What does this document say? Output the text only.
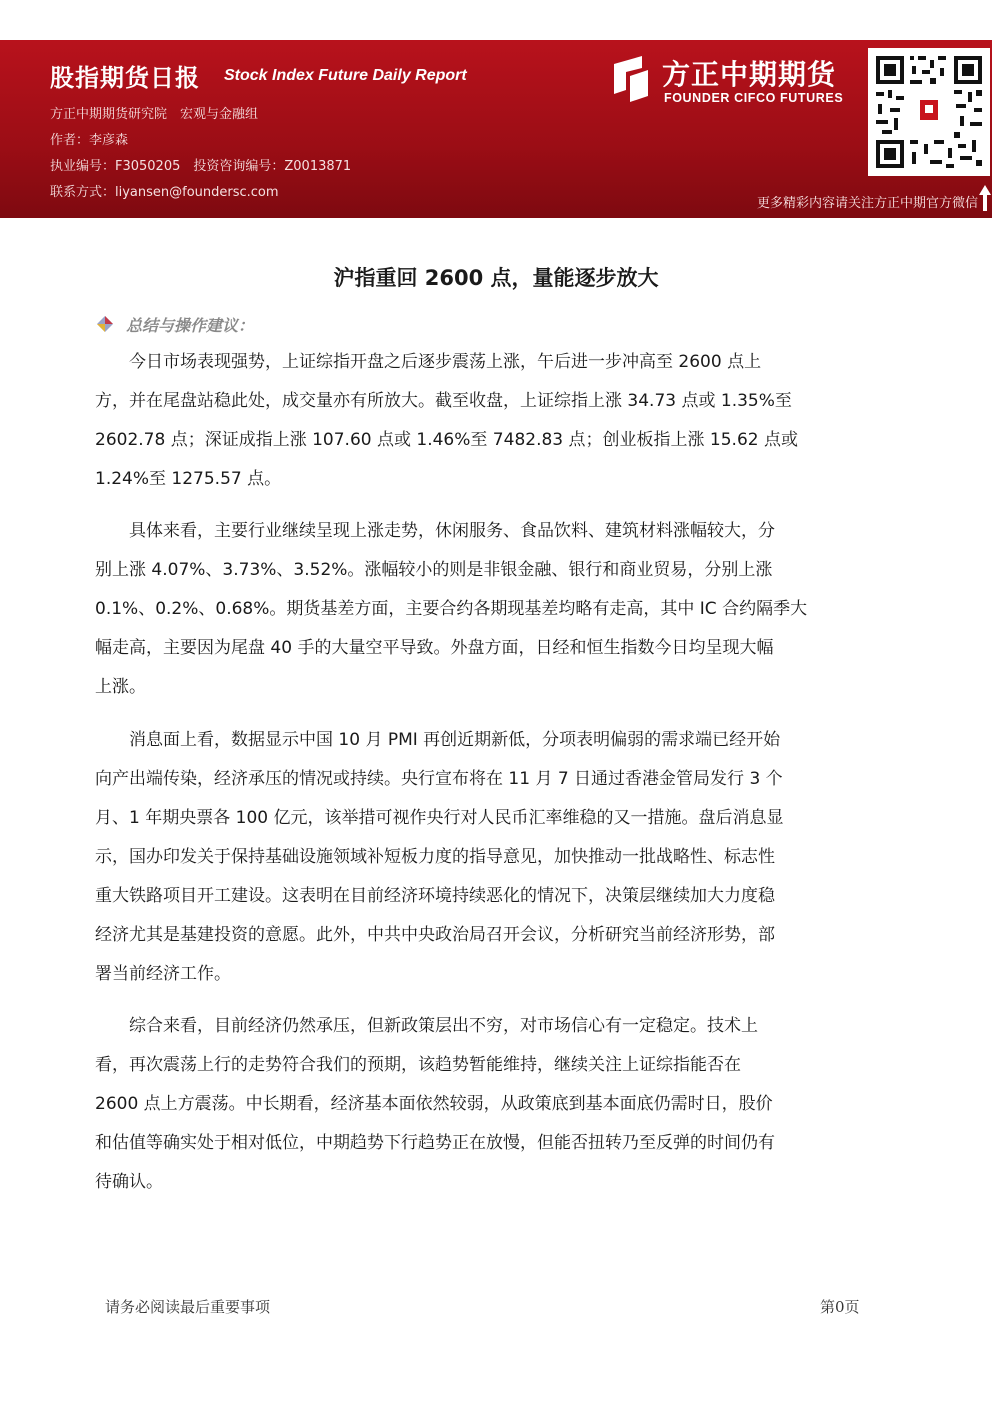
股指期货日报 Stock Index Future Daily Report
方正中期期货研究院　宏观与金融组
作者：李彦森
执业编号：F3050205　投资咨询编号：Z0013871
联系方式：liyansen@foundersc.com
方正中期期货
FOUNDER CIFCO FUTURES
更多精彩内容请关注方正中期官方微信
沪指重回 2600 点，量能逐步放大
总结与操作建议：
　　今日市场表现强势，上证综指开盘之后逐步震荡上涨，午后进一步冲高至 2600 点上
方，并在尾盘站稳此处，成交量亦有所放大。截至收盘，上证综指上涨 34.73 点或 1.35%至
2602.78 点；深证成指上涨 107.60 点或 1.46%至 7482.83 点；创业板指上涨 15.62 点或
1.24%至 1275.57 点。
　　具体来看，主要行业继续呈现上涨走势，休闲服务、食品饮料、建筑材料涨幅较大，分
别上涨 4.07%、3.73%、3.52%。涨幅较小的则是非银金融、银行和商业贸易，分别上涨
0.1%、0.2%、0.68%。期货基差方面，主要合约各期现基差均略有走高，其中 IC 合约隔季大
幅走高，主要因为尾盘 40 手的大量空平导致。外盘方面，日经和恒生指数今日均呈现大幅
上涨。
　　消息面上看，数据显示中国 10 月 PMI 再创近期新低，分项表明偏弱的需求端已经开始
向产出端传染，经济承压的情况或持续。央行宣布将在 11 月 7 日通过香港金管局发行 3 个
月、1 年期央票各 100 亿元，该举措可视作央行对人民币汇率维稳的又一措施。盘后消息显
示，国办印发关于保持基础设施领域补短板力度的指导意见，加快推动一批战略性、标志性
重大铁路项目开工建设。这表明在目前经济环境持续恶化的情况下，决策层继续加大力度稳
经济尤其是基建投资的意愿。此外，中共中央政治局召开会议，分析研究当前经济形势，部
署当前经济工作。
　　综合来看，目前经济仍然承压，但新政策层出不穷，对市场信心有一定稳定。技术上
看，再次震荡上行的走势符合我们的预期，该趋势暂能维持，继续关注上证综指能否在
2600 点上方震荡。中长期看，经济基本面依然较弱，从政策底到基本面底仍需时日，股价
和估值等确实处于相对低位，中期趋势下行趋势正在放慢，但能否扭转乃至反弹的时间仍有
待确认。
请务必阅读最后重要事项	第0页
